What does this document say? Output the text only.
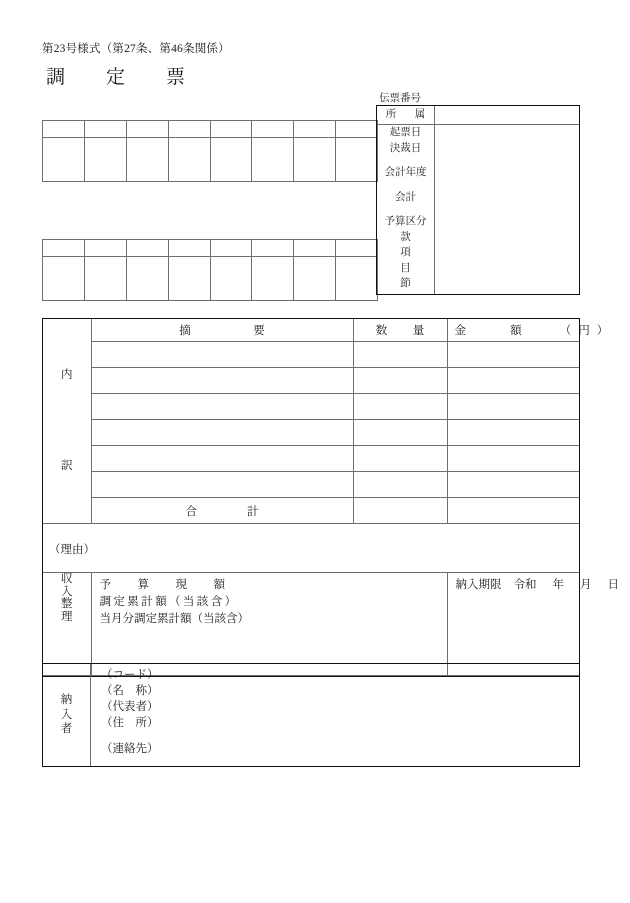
第23号様式（第27条、第46条関係）
調　定　票

伝票番号
所　属
起票日
決裁日
会計年度
会計
予算区分
款
項
目
節
内
訳	摘　　　要	数　量	金　　額　　（円）

	合　　計		
（理由）			

収
入
整
理

予　算　現　額
調定累計額（当該含）
当月分調定累計額（当該含）
	納入期限 令和 年 月 日
納
入
者
（コード）
（名　称）
（代表者）
（住　所）
（連絡先）
